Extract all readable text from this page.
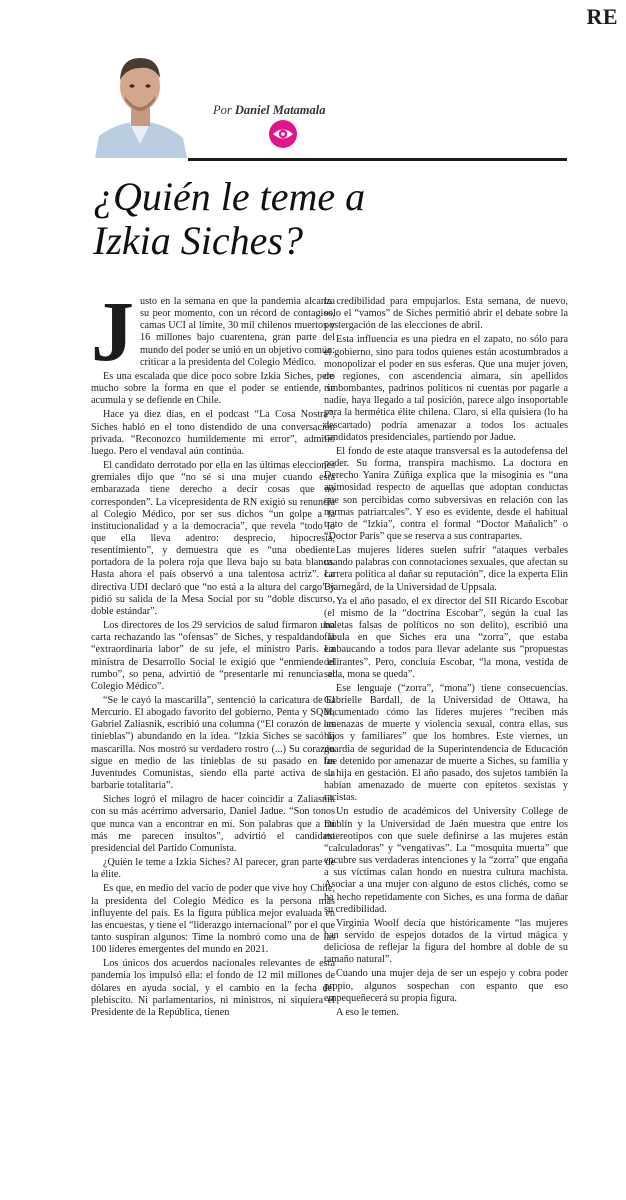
RE
Por Daniel Matamala
¿Quién le teme a
Izkia Siches?

Justo en la semana en que la pandemia alcanza su peor momento, con un récord de contagios, camas UCI al límite, 30 mil chilenos muertos y 16 millones bajo cuarentena, gran parte del mundo del poder se unió en un objetivo común: criticar a la presidenta del Colegio Médico.

Es una escalada que dice poco sobre Izkia Siches, pero mucho sobre la forma en que el poder se entiende, se acumula y se defiende en Chile.

Hace ya diez días, en el podcast “La Cosa Nostra”, Siches habló en el tono distendido de una conversación privada. “Reconozco humildemente mi error”, admitió luego. Pero el vendaval aún continúa.

El candidato derrotado por ella en las últimas elecciones gremiales dijo que “no sé si una mujer cuando está embarazada tiene derecho a decir cosas que no corresponden”. La vicepresidenta de RN exigió su renuncia al Colegio Médico, por ser sus dichos “un golpe a la institucionalidad y a la democracia”, que revela “todo lo que ella lleva adentro: desprecio, hipocresía, resentimiento”, y demuestra que es “una obediente portadora de la polera roja que lleva bajo su bata blanca. Hasta ahora el país observó a una talentosa actriz”. La directiva UDI declaró que “no está a la altura del cargo” y pidió su salida de la Mesa Social por su “doble discurso, doble estándar”.

Los directores de los 29 servicios de salud firmaron una carta rechazando las “ofensas” de Siches, y respaldando la “extraordinaria labor” de su jefe, el ministro Paris. La ministra de Desarrollo Social le exigió que “enmiende el rumbo”, so pena, advirtió de “presentarle mi renuncia al Colegio Médico”.

“Se le cayó la mascarilla”, sentenció la caricatura de El Mercurio. El abogado favorito del gobierno, Penta y SQM, Gabriel Zaliasnik, escribió una columna (“El corazón de las tinieblas”) abundando en la idea. “Izkia Siches se sacó la mascarilla. Nos mostró su verdadero rostro (...) Su corazón sigue en medio de las tinieblas de su pasado en las Juventudes Comunistas, siendo ella parte activa de la barbarie totalitaria”.

Siches logró el milagro de hacer coincidir a Zaliasnik con su más acérrimo adversario, Daniel Jadue. “Son tonos que nunca van a encontrar en mí. Son palabras que a mí más me parecen insultos”, advirtió el candidato presidencial del Partido Comunista.

¿Quién le teme a Izkia Siches? Al parecer, gran parte de la élite.

Es que, en medio del vacío de poder que vive hoy Chile, la presidenta del Colegio Médico es la persona más influyente del país. Es la figura pública mejor evaluada en las encuestas, y tiene el “liderazgo internacional” por el que tanto suspiran algunos: Time la nombró como una de las 100 líderes emergentes del mundo en 2021.

Los únicos dos acuerdos nacionales relevantes de esta pandemia los impulsó ella: el fondo de 12 mil millones de dólares en ayuda social, y el cambio en la fecha del plebiscito. Ni parlamentarios, ni ministros, ni siquiera el Presidente de la República, tienen

la credibilidad para empujarlos. Esta semana, de nuevo, solo el “vamos” de Siches permitió abrir el debate sobre la postergación de las elecciones de abril.

Esta influencia es una piedra en el zapato, no sólo para el gobierno, sino para todos quienes están acostumbrados a monopolizar el poder en sus esferas. Que una mujer joven, de regiones, con ascendencia aimara, sin apellidos rimbombantes, padrinos políticos ni cuentas por pagarle a nadie, haya llegado a tal posición, parece algo insoportable para la hermética élite chilena. Claro, si ella quisiera (lo ha descartado) podría amenazar a todos los actuales candidatos presidenciales, partiendo por Jadue.

El fondo de este ataque transversal es la autodefensa del poder. Su forma, transpira machismo. La doctora en Derecho Yanira Zúñiga explica que la misoginia es “una animosidad respecto de aquellas que adoptan conductas que son percibidas como subversivas en relación con las normas patriarcales”. Y eso es evidente, desde el habitual trato de “Izkia”, contra el formal “Doctor Mañalich” o “Doctor Paris” que se reserva a sus contrapartes.

Las mujeres líderes suelen sufrir “ataques verbales usando palabras con connotaciones sexuales, que afectan su carrera política al dañar su reputación”, dice la experta Elin Bjarnegård, de la Universidad de Uppsala.

Ya el año pasado, el ex director del SII Ricardo Escobar (el mismo de la “doctrina Escobar”, según la cual las boletas falsas de políticos no son delito), escribió una fábula en que Siches era una “zorra”, que estaba embaucando a todos para llevar adelante sus “propuestas delirantes”. Pero, concluía Escobar, “la mona, vestida de seda, mona se queda”.

Ese lenguaje (“zorra”, “mona”) tiene consecuencias. Gabrielle Bardall, de la Universidad de Ottawa, ha documentado cómo las líderes mujeres “reciben más amenazas de muerte y violencia sexual, contra ellas, sus hijos y familiares” que los hombres. Este viernes, un guardia de seguridad de la Superintendencia de Educación fue detenido por amenazar de muerte a Siches, su familia y su hija en gestación. El año pasado, dos sujetos también la habían amenazado de muerte con epítetos sexistas y racistas.

Un estudio de académicos del University College de Dublín y la Universidad de Jaén muestra que entre los estereotipos con que suele definirse a las mujeres están “calculadoras” y “vengativas”. La “mosquita muerta” que encubre sus verdaderas intenciones y la “zorra” que engaña a sus víctimas calan hondo en nuestra cultura machista. Asociar a una mujer con alguno de estos clichés, como se ha hecho repetidamente con Siches, es una forma de dañar su credibilidad.

Virginia Woolf decía que históricamente “las mujeres han servido de espejos dotados de la virtud mágica y deliciosa de reflejar la figura del hombre al doble de su tamaño natural”.

Cuando una mujer deja de ser un espejo y cobra poder propio, algunos sospechan con espanto que eso empequeñecerá su propia figura.

A eso le temen.
